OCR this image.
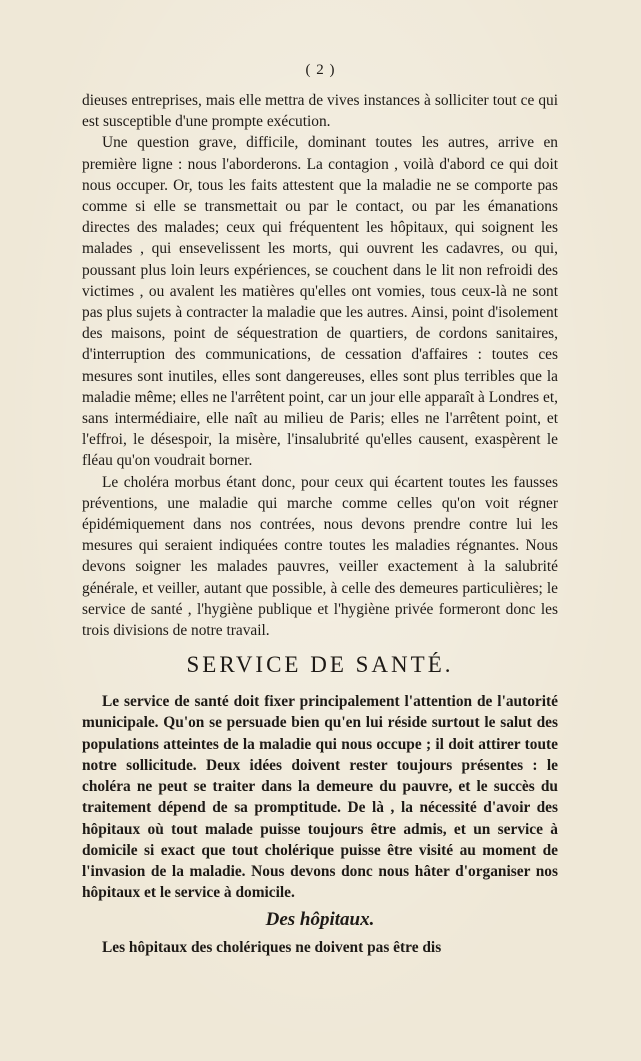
( 2 )

dieuses entreprises, mais elle mettra de vives instances à solliciter tout ce qui est susceptible d'une prompte exécution.

Une question grave, difficile, dominant toutes les autres, arrive en première ligne : nous l'aborderons. La contagion , voilà d'abord ce qui doit nous occuper. Or, tous les faits attestent que la maladie ne se comporte pas comme si elle se transmettait ou par le contact, ou par les émanations directes des malades; ceux qui fréquentent les hôpitaux, qui soignent les malades , qui ensevelissent les morts, qui ouvrent les cadavres, ou qui, poussant plus loin leurs expériences, se couchent dans le lit non refroidi des victimes , ou avalent les matières qu'elles ont vomies, tous ceux-là ne sont pas plus sujets à contracter la maladie que les autres. Ainsi, point d'isolement des maisons, point de séquestration de quartiers, de cordons sanitaires, d'interruption des communications, de cessation d'affaires : toutes ces mesures sont inutiles, elles sont dangereuses, elles sont plus terribles que la maladie même; elles ne l'arrêtent point, car un jour elle apparaît à Londres et, sans intermédiaire, elle naît au milieu de Paris; elles ne l'arrêtent point, et l'effroi, le désespoir, la misère, l'insalubrité qu'elles causent, exaspèrent le fléau qu'on voudrait borner.

Le choléra morbus étant donc, pour ceux qui écartent toutes les fausses préventions, une maladie qui marche comme celles qu'on voit régner épidémiquement dans nos contrées, nous devons prendre contre lui les mesures qui seraient indiquées contre toutes les maladies régnantes. Nous devons soigner les malades pauvres, veiller exactement à la salubrité générale, et veiller, autant que possible, à celle des demeures particulières; le service de santé , l'hygiène publique et l'hygiène privée formeront donc les trois divisions de notre travail.

SERVICE DE SANTÉ.

Le service de santé doit fixer principalement l'attention de l'autorité municipale. Qu'on se persuade bien qu'en lui réside surtout le salut des populations atteintes de la maladie qui nous occupe ; il doit attirer toute notre sollicitude. Deux idées doivent rester toujours présentes : le choléra ne peut se traiter dans la demeure du pauvre, et le succès du traitement dépend de sa promptitude. De là , la nécessité d'avoir des hôpitaux où tout malade puisse toujours être admis, et un service à domicile si exact que tout cholérique puisse être visité au moment de l'invasion de la maladie. Nous devons donc nous hâter d'organiser nos hôpitaux et le service à domicile.

Des hôpitaux.

Les hôpitaux des cholériques ne doivent pas être dis
